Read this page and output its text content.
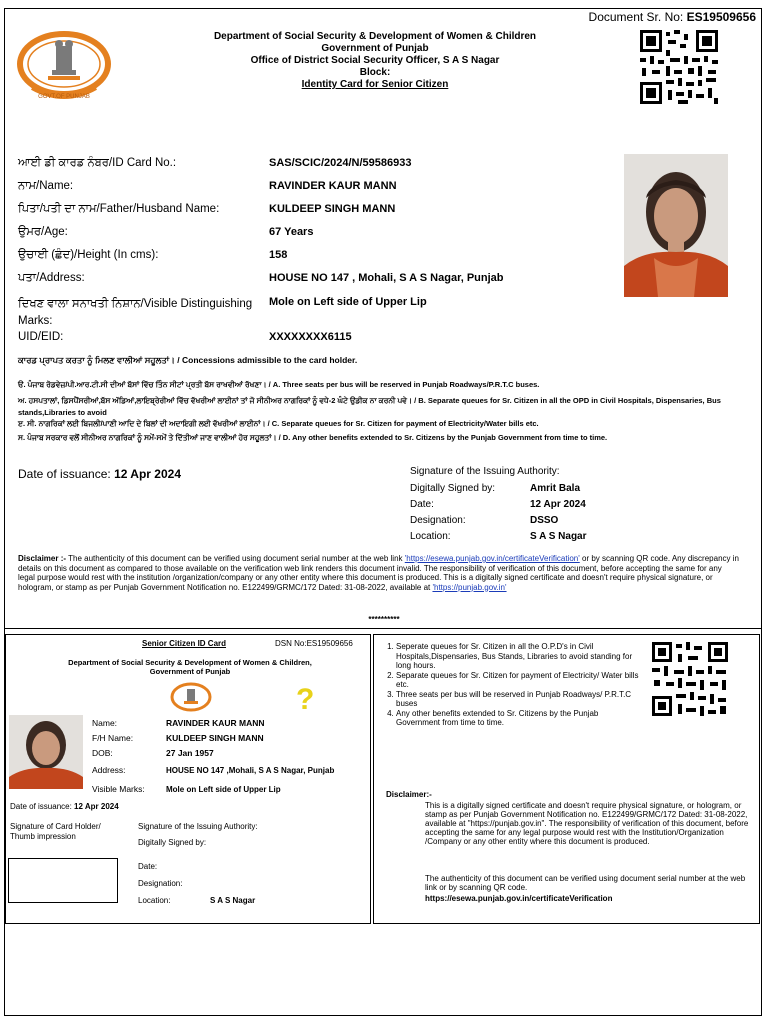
Document Sr. No: ES19509656
GOVT.OF PUNJAB
Department of Social Security & Development of Women & Children
Government of Punjab
Office of District Social Security Officer, S A S Nagar
Block:
Identity Card for Senior Citizen
ਆਈ ਡੀ ਕਾਰਡ ਨੰਬਰ/ID Card No.:	SAS/SCIC/2024/N/59586933
ਨਾਮ/Name:	RAVINDER KAUR MANN
ਪਿਤਾ/ਪਤੀ ਦਾ ਨਾਮ/Father/Husband Name:	KULDEEP SINGH MANN
ਉਮਰ/Age:	67 Years
ਉਚਾਈ (ਛੰਦ)/Height (In cms):	158
ਪਤਾ/Address:	HOUSE NO 147 , Mohali, S A S Nagar, Punjab
ਦਿਖਣ ਵਾਲਾ ਸਨਾਖਤੀ ਨਿਸ਼ਾਨ/Visible Distinguishing Marks:
Mole on Left side of Upper Lip
UID/EID:	XXXXXXXX6115
ਕਾਰਡ ਪ੍ਰਾਪਤ ਕਰਤਾ ਨੂੰ ਮਿਲਣ ਵਾਲੀਆਂ ਸਹੂਲਤਾਂ। / Concessions admissible to the card holder.
ੳ. ਪੰਜਾਬ ਰੋਡਵੇਜ਼/ਪੀ.ਆਰ.ਟੀ.ਸੀ ਦੀਆਂ ਬੱਸਾਂ ਵਿੱਚ ਤਿੰਨ ਸੀਟਾਂ ਪ੍ਰਤੀ ਬੱਸ ਰਾਖਵੀਆਂ ਰੱਖਣਾ। / A. Three seats per bus will be reserved in Punjab Roadways/P.R.T.C buses.
ਅ. ਹਸਪਤਾਲਾਂ, ਡਿਸਪੈਂਸਰੀਆਂ,ਬੱਸ ਅੱਡਿਆਂ,ਲਾਇਬ੍ਰੇਰੀਆਂ ਵਿੱਚ ਵੱਖਰੀਆਂ ਲਾਈਨਾਂ ਤਾਂ ਜੋ ਸੀਨੀਅਰ ਨਾਗਰਿਕਾਂ ਨੂੰ ਵਧੇ-2 ਘੰਟੇ ਉਡੀਕ ਨਾ ਕਰਨੀ ਪਵੇ। / B. Separate queues for Sr. Citizen in all the OPD in Civil Hospitals, Dispensaries, Bus stands,Libraries to avoid
ੲ. ਸੀ. ਨਾਗਰਿਕਾਂ ਲਈ ਬਿਜਲੀ/ਪਾਣੀ ਆਦਿ ਦੇ ਬਿਲਾਂ ਦੀ ਅਦਾਇਗੀ ਲਈ ਵੱਖਰੀਆਂ ਲਾਈਨਾਂ। / C. Separate queues for Sr. Citizen for payment of Electricity/Water bills etc.
ਸ. ਪੰਜਾਬ ਸਰਕਾਰ ਵਲੋਂ ਸੀਨੀਅਰ ਨਾਗਰਿਕਾਂ ਨੂੰ ਸਮੇਂ-ਸਮੇਂ ਤੇ ਦਿੱਤੀਆਂ ਜਾਣ ਵਾਲੀਆਂ ਹੋਰ ਸਹੂਲਤਾਂ। / D. Any other benefits extended to Sr. Citizens by the Punjab Government from time to time.
Date of issuance: 12 Apr 2024	Signature of the Issuing Authority:
Digitally Signed by:	Amrit Bala
Date:	12 Apr 2024
Designation:	DSSO
Location:	S A S Nagar
Disclaimer :- The authenticity of this document can be verified using document serial number at the web link 'https://esewa.punjab.gov.in/certificateVerification' or by scanning QR code. Any discrepancy in details on this document as compared to those available on the verification web link renders this document invalid. The responsibility of verification of this document, before accepting the same for any legal purpose would rest with the institution /organization/company or any other entity where this document is produced. This is a digitally signed certificate and doesn't require physical signature, or hologram, or stamp as per Punjab Government Notification no. E122499/GRMC/172 Dated: 31-08-2022, available at 'https://punjab.gov.in'
**********
Senior Citizen ID Card	DSN No:ES19509656
Department of Social Security & Development of Women & Children,
Government of Punjab
?
Name:	RAVINDER KAUR MANN
F/H Name:	KULDEEP SINGH MANN
DOB:	27 Jan 1957
Address:	HOUSE NO 147 ,Mohali, S A S Nagar, Punjab
Visible Marks:	Mole on Left side of Upper Lip
Date of issuance: 12 Apr 2024
Signature of Card Holder/ Thumb impression
Signature of the Issuing Authority:
Digitally Signed by:
Date:
Designation:
Location:	S A S Nagar
1. Seperate queues for Sr. Citizen in all the O.P.D's in Civil Hospitals,Dispensaries, Bus Stands, Libraries to avoid standing for long hours.
2. Separate queues for Sr. Citizen for payment of Electricity/ Water bills etc.
3. Three seats per bus will be reserved in Punjab Roadways/ P.R.T.C buses
4. Any other benefits extended to Sr. Citizens by the Punjab Government from time to time.
Disclaimer:-
This is a digitally signed certificate and doesn't require physical signature, or hologram, or stamp as per Punjab Government Notification no. E122499/GRMC/172 Dated: 31-08-2022, available at "https://punjab.gov.in". The responsibility of verification of this document, before accepting the same for any legal purpose would rest with the Institution/Organization /Company or any other entity where this document is produced.
The authenticity of this document can be verified using document serial number at the web link or by scanning QR code.
https://esewa.punjab.gov.in/certificateVerification
